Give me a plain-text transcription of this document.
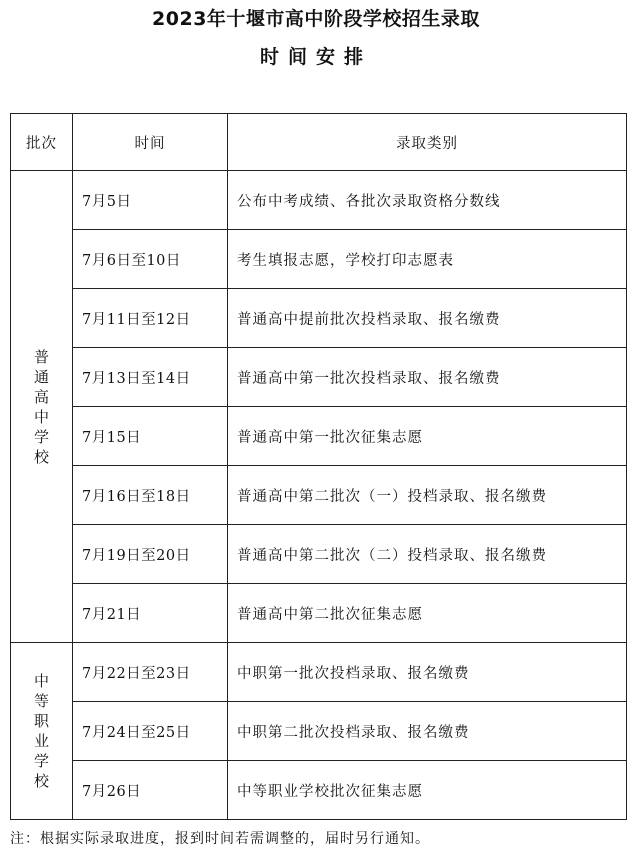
2023年十堰市高中阶段学校招生录取
时间安排
批次	时间	录取类别
普通高中学校	7月5日	公布中考成绩、各批次录取资格分数线
	7月6日至10日	考生填报志愿，学校打印志愿表
	7月11日至12日	普通高中提前批次投档录取、报名缴费
	7月13日至14日	普通高中第一批次投档录取、报名缴费
	7月15日	普通高中第一批次征集志愿
	7月16日至18日	普通高中第二批次（一）投档录取、报名缴费
	7月19日至20日	普通高中第二批次（二）投档录取、报名缴费
	7月21日	普通高中第二批次征集志愿
中等职业学校	7月22日至23日	中职第一批次投档录取、报名缴费
	7月24日至25日	中职第二批次投档录取、报名缴费
	7月26日	中等职业学校批次征集志愿
注：根据实际录取进度，报到时间若需调整的，届时另行通知。
